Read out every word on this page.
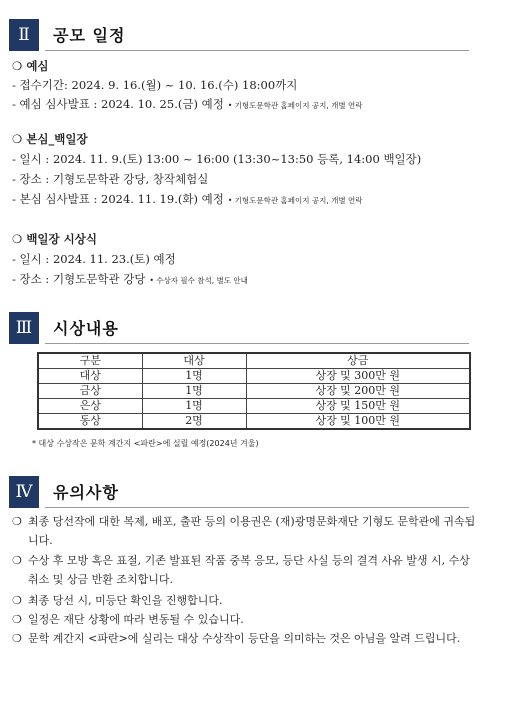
Ⅱ	공모 일정
❍ 예심
- 접수기간: 2024. 9. 16.(월) ~ 10. 16.(수) 18:00까지
- 예심 심사발표 : 2024. 10. 25.(금) 예정 • 기형도문학관 홈페이지 공지, 개별 연락
❍ 본심_백일장
- 일시 : 2024. 11. 9.(토) 13:00 ~ 16:00 (13:30~13:50 등록, 14:00 백일장)
- 장소 : 기형도문학관 강당, 창작체험실
- 본심 심사발표 : 2024. 11. 19.(화) 예정 • 기형도문학관 홈페이지 공지, 개별 연락
❍ 백일장 시상식
- 일시 : 2024. 11. 23.(토) 예정
- 장소 : 기형도문학관 강당 • 수상자 필수 참석, 별도 안내
Ⅲ	시상내용
구분	대상	상금
대상	1명	상장 및 300만 원
금상	1명	상장 및 200만 원
은상	1명	상장 및 150만 원
동상	2명	상장 및 100만 원
* 대상 수상작은 문학 계간지 <파란>에 실릴 예정(2024년 겨울)
Ⅳ	유의사항
❍ 최종 당선작에 대한 복제, 배포, 출판 등의 이용권은 (재)광명문화재단 기형도 문학관에 귀속됩니다.
❍ 수상 후 모방 혹은 표절, 기존 발표된 작품 중복 응모, 등단 사실 등의 결격 사유 발생 시, 수상 취소 및 상금 반환 조치합니다.
❍ 최종 당선 시, 미등단 확인을 진행합니다.
❍ 일정은 재단 상황에 따라 변동될 수 있습니다.
❍ 문학 계간지 <파란>에 실리는 대상 수상작이 등단을 의미하는 것은 아님을 알려 드립니다.
